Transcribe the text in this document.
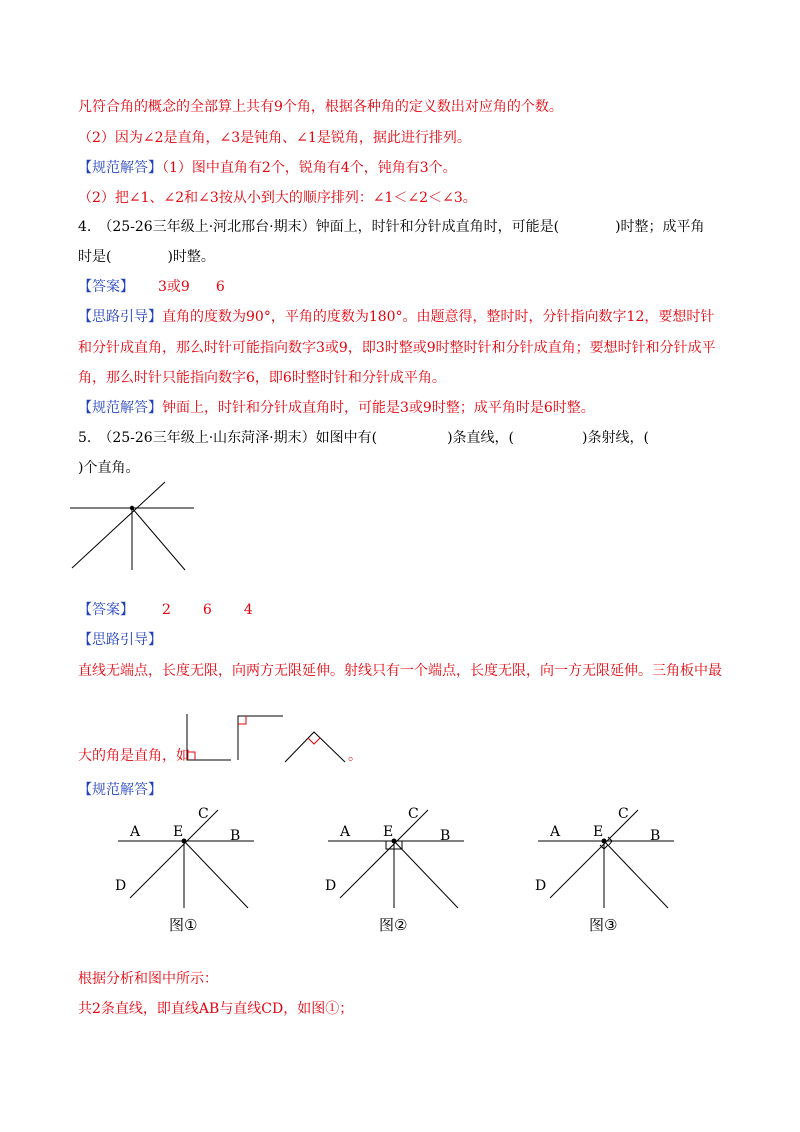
凡符合角的概念的全部算上共有9个角，根据各种角的定义数出对应角的个数。
（2）因为∠2是直角，∠3是钝角、∠1是锐角，据此进行排列。
【规范解答】（1）图中直角有2个，锐角有4个，钝角有3个。
（2）把∠1、∠2和∠3按从小到大的顺序排列：∠1＜∠2＜∠3。
4.　（25-26三年级上·河北邢台·期末）钟面上，时针和分针成直角时，可能是(	)时整；成平角
时是(	)时整。
【答案】 3或9 6
【思路引导】直角的度数为90°，平角的度数为180°。由题意得，整时时，分针指向数字12，要想时针
和分针成直角，那么时针可能指向数字3或9，即3时整或9时整时针和分针成直角；要想时针和分针成平
角，那么时针只能指向数字6，即6时整时针和分针成平角。
【规范解答】钟面上，时针和分针成直角时，可能是3或9时整；成平角时是6时整。
5.　（25-26三年级上·山东菏泽·期末）如图中有(	)条直线，(	)条射线，(
)个直角。
【答案】 2 6 4
【思路引导】
直线无端点，长度无限，向两方无限延伸。射线只有一个端点，长度无限，向一方无限延伸。三角板中最
大的角是直角，如	。
【规范解答】
A E
C
B
D
图①
A E
C
B
D
图②
A E
C
B
D
图③
根据分析和图中所示：
共2条直线，即直线AB与直线CD，如图①；
